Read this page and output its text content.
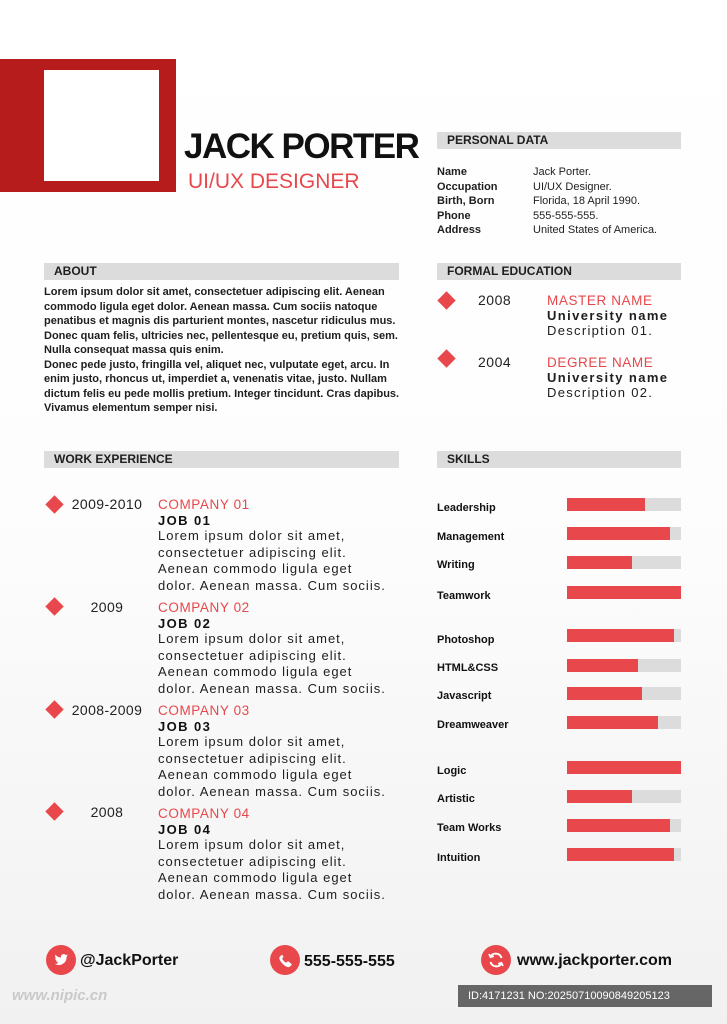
JACK PORTER
UI/UX DESIGNER
PERSONAL DATA
Name	Jack Porter.
Occupation	UI/UX Designer.
Birth, Born	Florida, 18 April 1990.
Phone	555-555-555.
Address	United States of America.
ABOUT

Lorem ipsum dolor sit amet, consectetuer adipiscing elit. Aenean commodo ligula eget dolor. Aenean massa. Cum sociis natoque penatibus et magnis dis parturient montes, nascetur ridiculus mus. Donec quam felis, ultricies nec, pellentesque eu, pretium quis, sem. Nulla consequat massa quis enim.

Donec pede justo, fringilla vel, aliquet nec, vulputate eget, arcu. In enim justo, rhoncus ut, imperdiet a, venenatis vitae, justo. Nullam dictum felis eu pede mollis pretium. Integer tincidunt. Cras dapibus. Vivamus elementum semper nisi.

FORMAL EDUCATION
2008	MASTER NAME
University name
Description 01.
2004	DEGREE NAME
University name
Description 02.
WORK EXPERIENCE
2009-2010	COMPANY 01
JOB 01
Lorem ipsum dolor sit amet,
consectetuer adipiscing elit.
Aenean commodo ligula eget
dolor. Aenean massa. Cum sociis.
2009	COMPANY 02
JOB 02
Lorem ipsum dolor sit amet,
consectetuer adipiscing elit.
Aenean commodo ligula eget
dolor. Aenean massa. Cum sociis.
2008-2009	COMPANY 03
JOB 03
Lorem ipsum dolor sit amet,
consectetuer adipiscing elit.
Aenean commodo ligula eget
dolor. Aenean massa. Cum sociis.
2008	COMPANY 04
JOB 04
Lorem ipsum dolor sit amet,
consectetuer adipiscing elit.
Aenean commodo ligula eget
dolor. Aenean massa. Cum sociis.
SKILLS
Leadership
Management
Writing
Teamwork
Photoshop
HTML&CSS
Javascript
Dreamweaver
Logic
Artistic
Team Works
Intuition
@JackPorter	555-555-555	www.jackporter.com
www.nipic.cn	ID:4171231 NO:20250710090849205123
